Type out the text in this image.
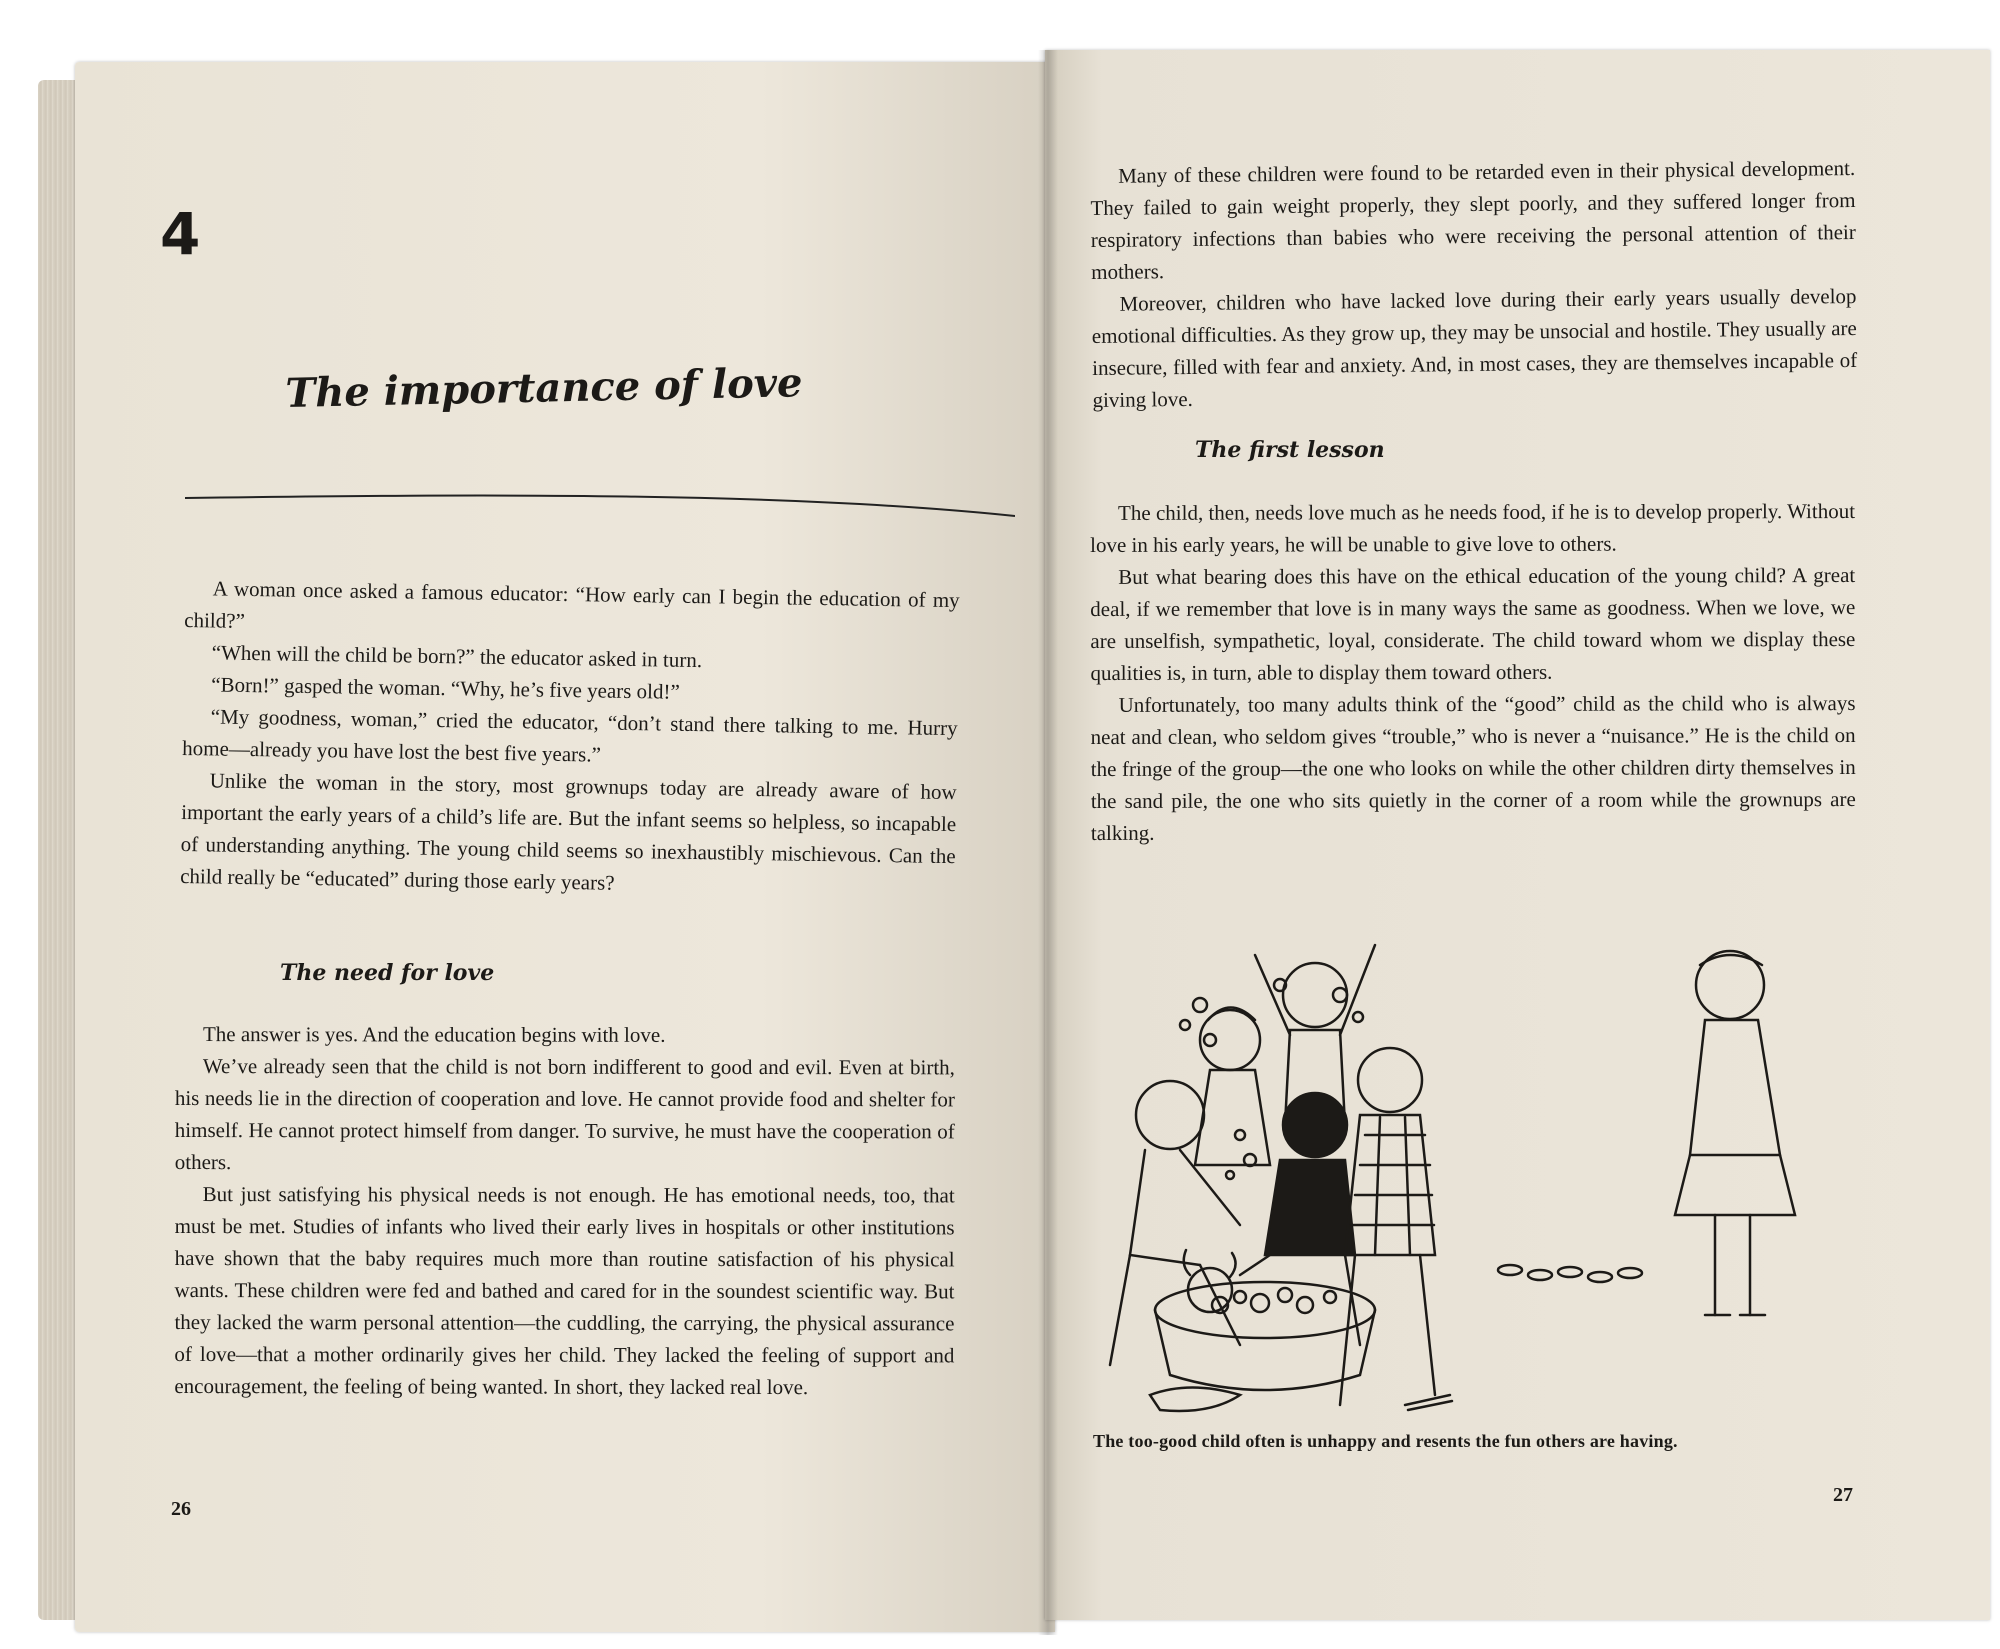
4
The importance of love

A woman once asked a famous educator: “How early can I begin the education of my child?”

“When will the child be born?” the educator asked in turn.

“Born!” gasped the woman. “Why, he’s five years old!”

“My goodness, woman,” cried the educator, “don’t stand there talking to me. Hurry home—already you have lost the best five years.”

Unlike the woman in the story, most grownups today are already aware of how important the early years of a child’s life are. But the infant seems so helpless, so incapable of understanding anything. The young child seems so inexhaustibly mischievous. Can the child really be “educated” during those early years?

The need for love

The answer is yes. And the education begins with love.

We’ve already seen that the child is not born indifferent to good and evil. Even at birth, his needs lie in the direction of cooperation and love. He cannot provide food and shelter for himself. He cannot protect himself from danger. To survive, he must have the cooperation of others.

But just satisfying his physical needs is not enough. He has emotional needs, too, that must be met. Studies of infants who lived their early lives in hospitals or other institutions have shown that the baby requires much more than routine satisfaction of his physical wants. These children were fed and bathed and cared for in the soundest scientific way. But they lacked the warm personal attention—the cuddling, the carrying, the physical assurance of love—that a mother ordinarily gives her child. They lacked the feeling of support and encouragement, the feeling of being wanted. In short, they lacked real love.

26

Many of these children were found to be retarded even in their physical development. They failed to gain weight properly, they slept poorly, and they suffered longer from respiratory infections than babies who were receiving the personal attention of their mothers.

Moreover, children who have lacked love during their early years usually develop emotional difficulties. As they grow up, they may be unsocial and hostile. They usually are insecure, filled with fear and anxiety. And, in most cases, they are themselves incapable of giving love.

The first lesson

The child, then, needs love much as he needs food, if he is to develop properly. Without love in his early years, he will be unable to give love to others.

But what bearing does this have on the ethical education of the young child? A great deal, if we remember that love is in many ways the same as goodness. When we love, we are unselfish, sympathetic, loyal, considerate. The child toward whom we display these qualities is, in turn, able to display them toward others.

Unfortunately, too many adults think of the “good” child as the child who is always neat and clean, who seldom gives “trouble,” who is never a “nuisance.” He is the child on the fringe of the group—the one who looks on while the other children dirty themselves in the sand pile, the one who sits quietly in the corner of a room while the grownups are talking.

The too-good child often is unhappy and resents the fun others are having.

27
